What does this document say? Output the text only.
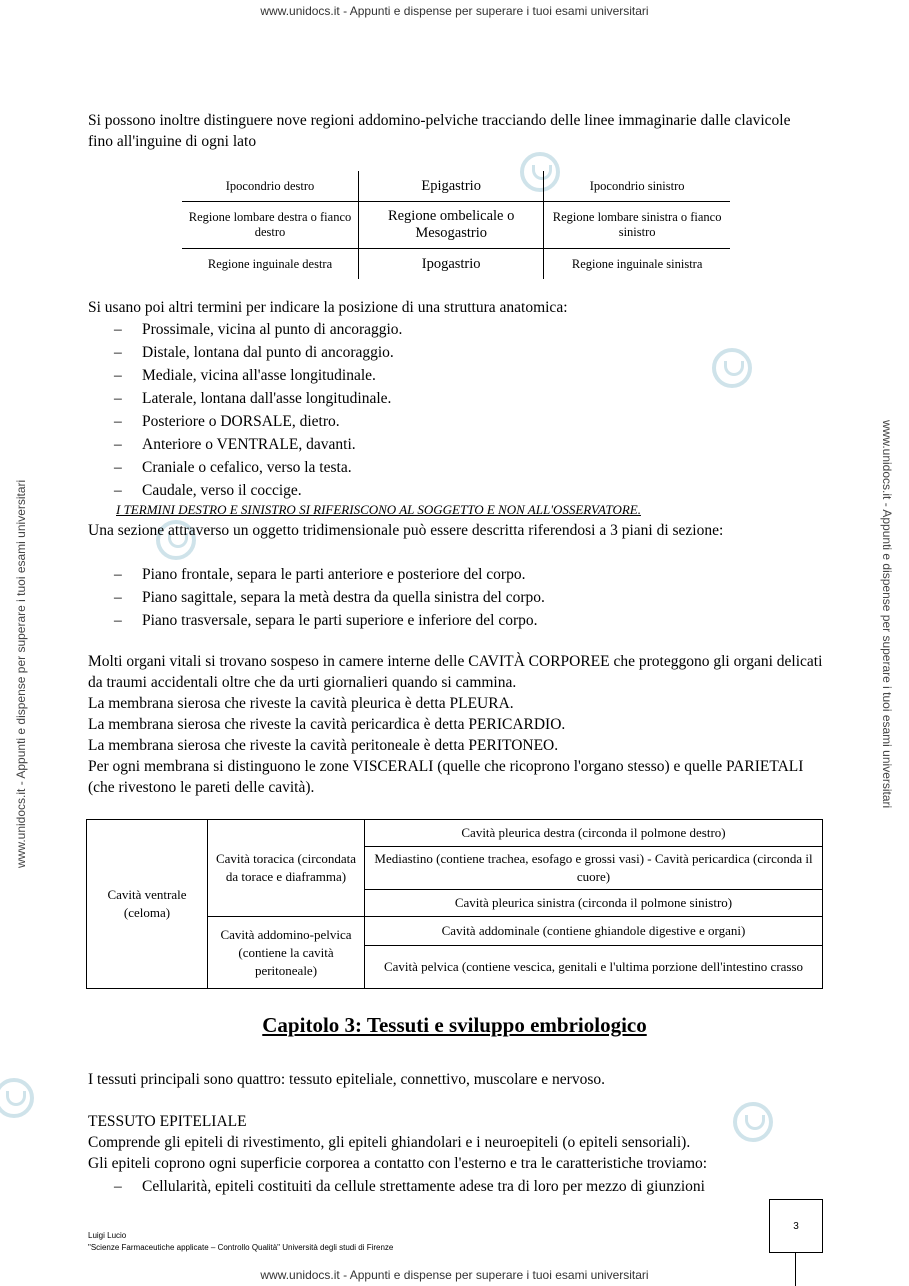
www.unidocs.it - Appunti e dispense per superare i tuoi esami universitari
www.unidocs.it - Appunti e dispense per superare i tuoi esami universitari
www.unidocs.it - Appunti e dispense per superare i tuoi esami universitari	www.unidocs.it - Appunti e dispense per superare i tuoi esami universitari

Si possono inoltre distinguere nove regioni addomino-pelviche tracciando delle linee immaginarie dalle clavicole fino all'inguine di ogni lato

Ipocondrio destro	Epigastrio	Ipocondrio sinistro
Regione lombare destra o fianco destro	Regione ombelicale o Mesogastrio	Regione lombare sinistra o fianco sinistro
Regione inguinale destra	Ipogastrio	Regione inguinale sinistra

Si usano poi altri termini per indicare la posizione di una struttura anatomica:

– Prossimale, vicina al punto di ancoraggio.
– Distale, lontana dal punto di ancoraggio.
– Mediale, vicina all'asse longitudinale.
– Laterale, lontana dall'asse longitudinale.
– Posteriore o DORSALE, dietro.
– Anteriore o VENTRALE, davanti.
– Craniale o cefalico, verso la testa.
– Caudale, verso il coccige.
I TERMINI DESTRO E SINISTRO SI RIFERISCONO AL SOGGETTO E NON ALL'OSSERVATORE.

Una sezione attraverso un oggetto tridimensionale può essere descritta riferendosi a 3 piani di sezione:

– Piano frontale, separa le parti anteriore e posteriore del corpo.
– Piano sagittale, separa la metà destra da quella sinistra del corpo.
– Piano trasversale, separa le parti superiore e inferiore del corpo.

Molti organi vitali si trovano sospeso in camere interne delle CAVITÀ CORPOREE che proteggono gli organi delicati da traumi accidentali oltre che da urti giornalieri quando si cammina.

La membrana sierosa che riveste la cavità pleurica è detta PLEURA.

La membrana sierosa che riveste la cavità pericardica è detta PERICARDIO.

La membrana sierosa che riveste la cavità peritoneale è detta PERITONEO.

Per ogni membrana si distinguono le zone VISCERALI (quelle che ricoprono l'organo stesso) e quelle PARIETALI (che rivestono le pareti delle cavità).

Cavità ventrale (celoma)	Cavità toracica (circondata da torace e diaframma)	Cavità pleurica destra (circonda il polmone destro)
		Mediastino (contiene trachea, esofago e grossi vasi) - Cavità pericardica (circonda il cuore)
		Cavità pleurica sinistra (circonda il polmone sinistro)
	Cavità addomino-pelvica (contiene la cavità peritoneale)	Cavità addominale (contiene ghiandole digestive e organi)
		Cavità pelvica (contiene vescica, genitali e l'ultima porzione dell'intestino crasso
Capitolo 3: Tessuti e sviluppo embriologico

I tessuti principali sono quattro: tessuto epiteliale, connettivo, muscolare e nervoso.

TESSUTO EPITELIALE

Comprende gli epiteli di rivestimento, gli epiteli ghiandolari e i neuroepiteli (o epiteli sensoriali).

Gli epiteli coprono ogni superficie corporea a contatto con l'esterno e tra le caratteristiche troviamo:

– Cellularità, epiteli costituiti da cellule strettamente adese tra di loro per mezzo di giunzioni
Luigi Lucio
"Scienze Farmaceutiche applicate – Controllo Qualità" Università degli studi di Firenze
3
